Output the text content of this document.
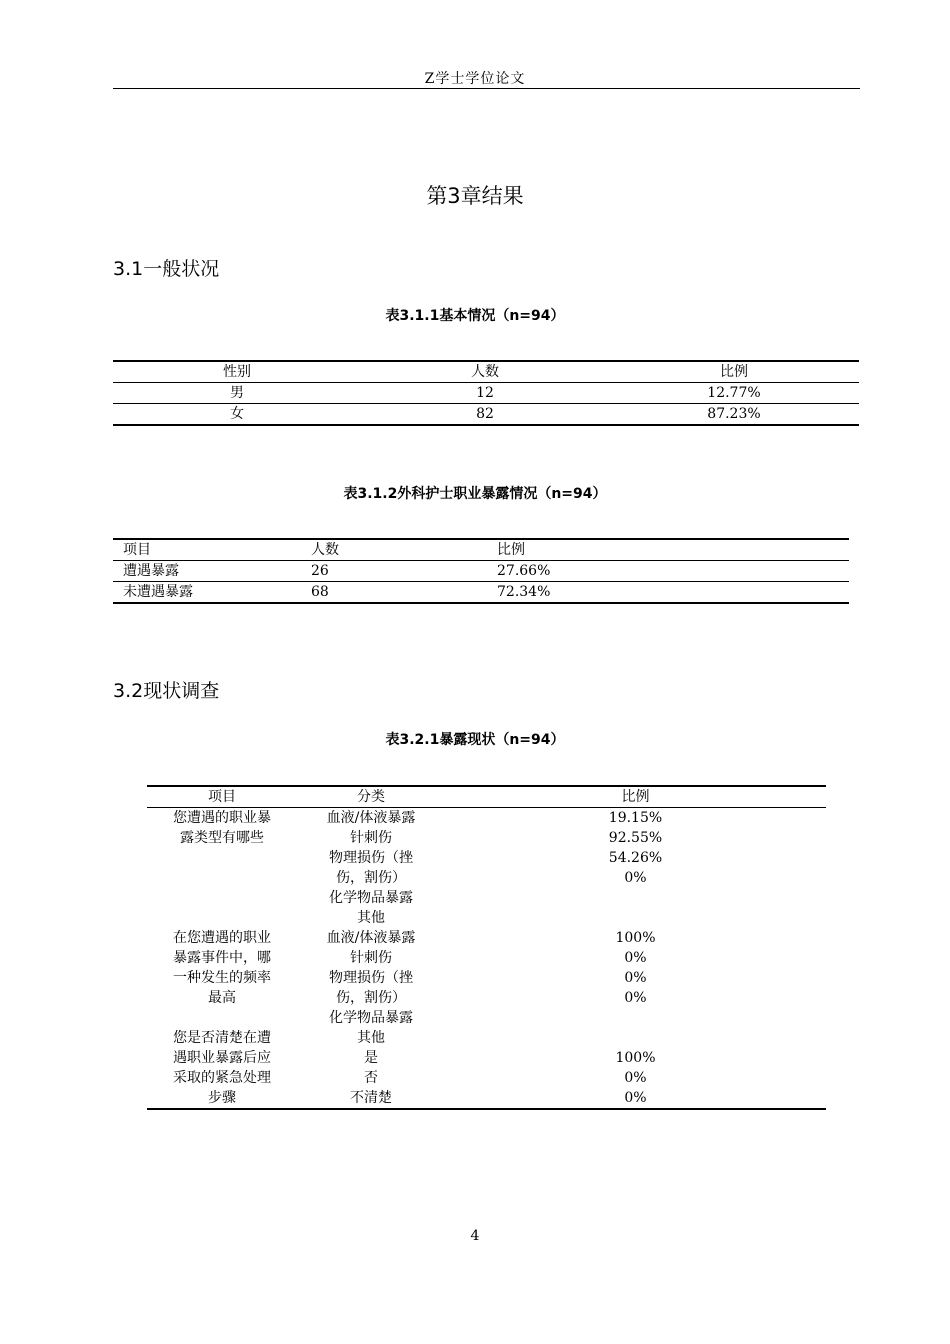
Z学士学位论文
第3章结果
3.1一般状况
表3.1.1基本情况（n=94）
性别	人数	比例
男	12	12.77%
女	82	87.23%
表3.1.2外科护士职业暴露情况（n=94）
项目	人数	比例
遭遇暴露	26	27.66%
未遭遇暴露	68	72.34%
3.2现状调查
表3.2.1暴露现状（n=94）
项目	分类	比例
您遭遇的职业暴	血液/体液暴露	19.15%
露类型有哪些	针刺伤	92.55%
	物理损伤（挫	54.26%
	伤，割伤）	0%
	化学物品暴露	
	其他	
在您遭遇的职业	血液/体液暴露	100%
暴露事件中，哪	针刺伤	0%
一种发生的频率	物理损伤（挫	0%
最高	伤，割伤）	0%
	化学物品暴露	
您是否清楚在遭	其他	
遇职业暴露后应	是	100%
采取的紧急处理	否	0%
步骤	不清楚	0%
4
